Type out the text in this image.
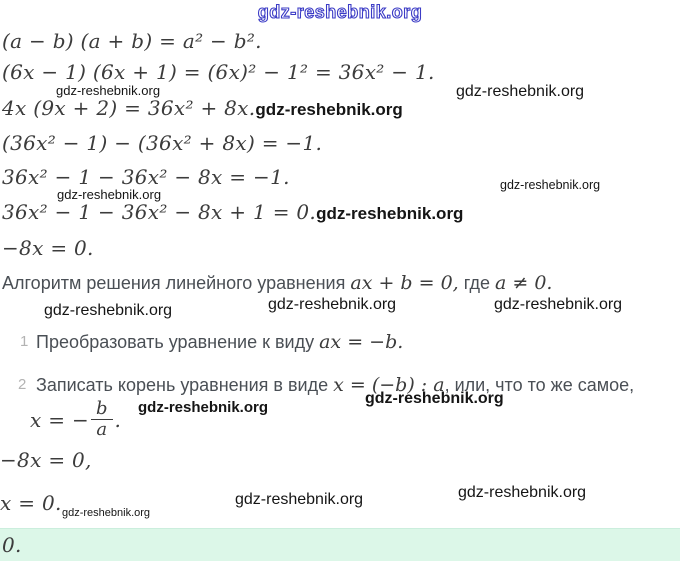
gdz-reshebnik.org
(a − b) (a + b) = a² − b².
(6x − 1) (6x + 1) = (6x)² − 1² = 36x² − 1.
gdz-reshebnik.org
4x (9x + 2) = 36x² + 8x.gdz-reshebnik.org
gdz-reshebnik.org
(36x² − 1) − (36x² + 8x) = −1.
36x² − 1 − 36x² − 8x = −1.
gdz-reshebnik.org
gdz-reshebnik.org
36x² − 1 − 36x² − 8x + 1 = 0.gdz-reshebnik.org
−8x = 0.
Алгоритм решения линейного уравнения ax + b = 0, где a ≠ 0.
gdz-reshebnik.org	gdz-reshebnik.org	gdz-reshebnik.org
1 Преобразовать уравнение к виду ax = −b.
2 Записать корень уравнения в виде x = (−b) : a, или, что то же самое,
gdz-reshebnik.org
gdz-reshebnik.org
x = − $\frac{b}{a}$ .
−8x = 0,
x = 0. gdz-reshebnik.org
gdz-reshebnik.org	gdz-reshebnik.org
0.
